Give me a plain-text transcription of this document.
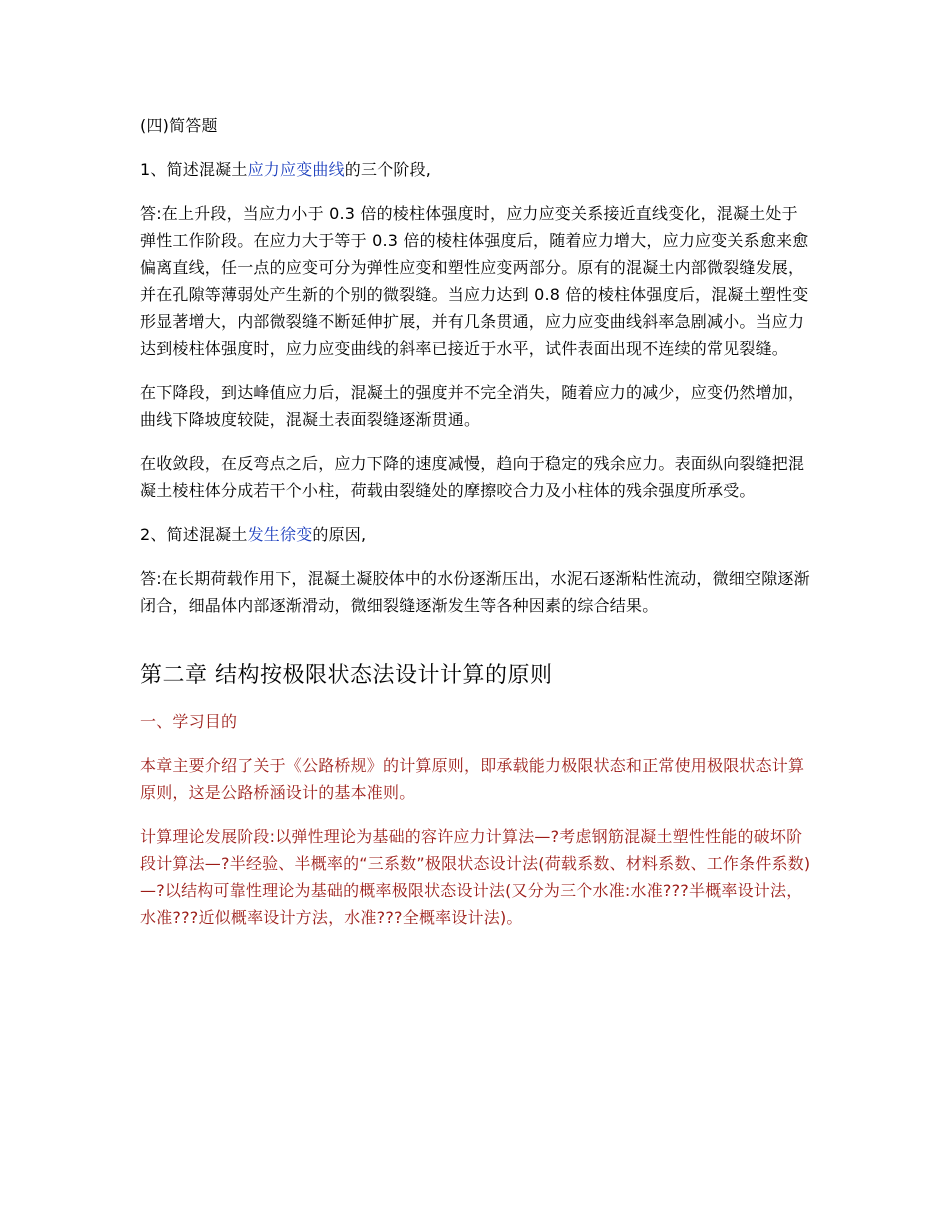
(四)简答题

1、简述混凝土应力应变曲线的三个阶段,

答:在上升段，当应力小于 0.3 倍的棱柱体强度时，应力应变关系接近直线变化，混凝土处于弹性工作阶段。在应力大于等于 0.3 倍的棱柱体强度后，随着应力增大，应力应变关系愈来愈偏离直线，任一点的应变可分为弹性应变和塑性应变两部分。原有的混凝土内部微裂缝发展，并在孔隙等薄弱处产生新的个别的微裂缝。当应力达到 0.8 倍的棱柱体强度后，混凝土塑性变形显著增大，内部微裂缝不断延伸扩展，并有几条贯通，应力应变曲线斜率急剧减小。当应力达到棱柱体强度时，应力应变曲线的斜率已接近于水平，试件表面出现不连续的常见裂缝。

在下降段，到达峰值应力后，混凝土的强度并不完全消失，随着应力的减少，应变仍然增加，曲线下降坡度较陡，混凝土表面裂缝逐渐贯通。

在收敛段，在反弯点之后，应力下降的速度减慢，趋向于稳定的残余应力。表面纵向裂缝把混凝土棱柱体分成若干个小柱，荷载由裂缝处的摩擦咬合力及小柱体的残余强度所承受。

2、简述混凝土发生徐变的原因,

答:在长期荷载作用下，混凝土凝胶体中的水份逐渐压出，水泥石逐渐粘性流动，微细空隙逐渐闭合，细晶体内部逐渐滑动，微细裂缝逐渐发生等各种因素的综合结果。

第二章 结构按极限状态法设计计算的原则

一、学习目的

本章主要介绍了关于《公路桥规》的计算原则，即承载能力极限状态和正常使用极限状态计算原则，这是公路桥涵设计的基本准则。

计算理论发展阶段:以弹性理论为基础的容许应力计算法—?考虑钢筋混凝土塑性性能的破坏阶段计算法—?半经验、半概率的“三系数”极限状态设计法(荷载系数、材料系数、工作条件系数)—?以结构可靠性理论为基础的概率极限状态设计法(又分为三个水准:水准???半概率设计法，水准???近似概率设计方法，水准???全概率设计法)。
